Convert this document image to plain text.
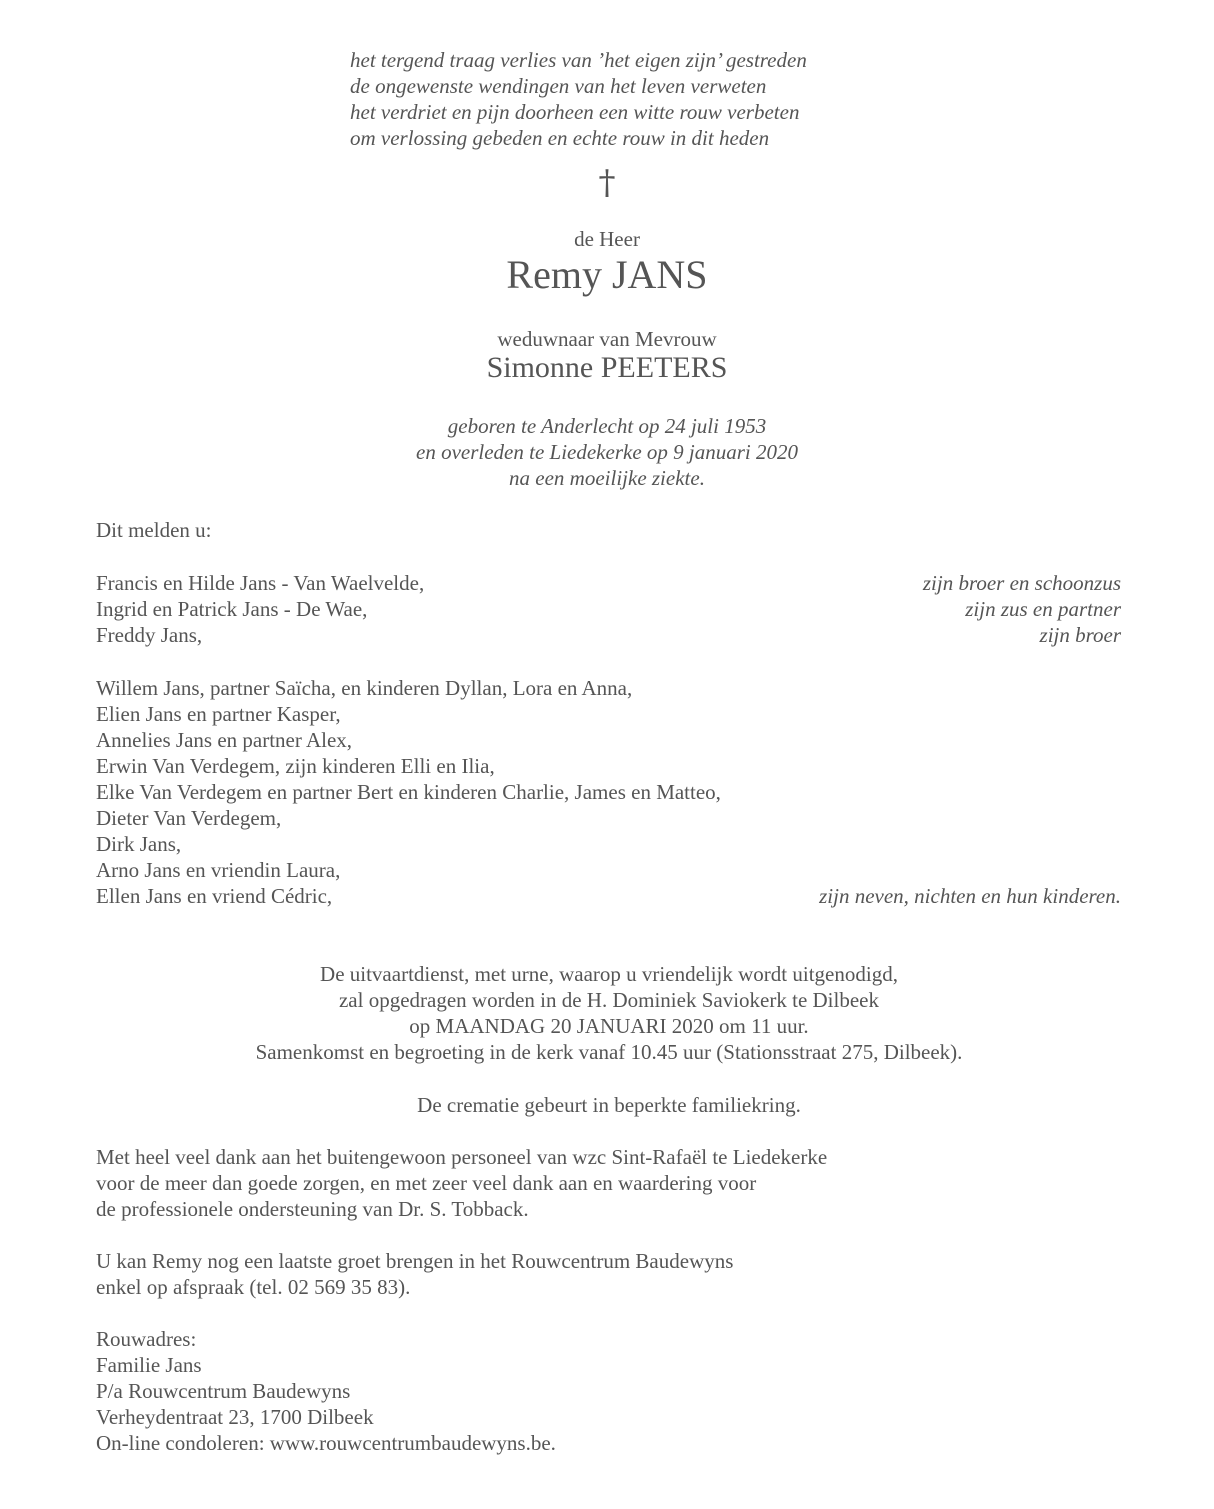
het tergend traag verlies van ’het eigen zijn’ gestreden
de ongewenste wendingen van het leven verweten
het verdriet en pijn doorheen een witte rouw verbeten
om verlossing gebeden en echte rouw in dit heden
†
de Heer
Remy JANS
weduwnaar van Mevrouw
Simonne PEETERS
geboren te Anderlecht op 24 juli 1953
en overleden te Liedekerke op 9 januari 2020
na een moeilijke ziekte.
Dit melden u:
Francis en Hilde Jans - Van Waelvelde,	zijn broer en schoonzus
Ingrid en Patrick Jans - De Wae,	zijn zus en partner
Freddy Jans,	zijn broer
Willem Jans, partner Saïcha, en kinderen Dyllan, Lora en Anna,
Elien Jans en partner Kasper,
Annelies Jans en partner Alex,
Erwin Van Verdegem, zijn kinderen Elli en Ilia,
Elke Van Verdegem en partner Bert en kinderen Charlie, James en Matteo,
Dieter Van Verdegem,
Dirk Jans,
Arno Jans en vriendin Laura,
Ellen Jans en vriend Cédric,	zijn neven, nichten en hun kinderen.
De uitvaartdienst, met urne, waarop u vriendelijk wordt uitgenodigd,
zal opgedragen worden in de H. Dominiek Saviokerk te Dilbeek
op MAANDAG 20 JANUARI 2020 om 11 uur.
Samenkomst en begroeting in de kerk vanaf 10.45 uur (Stationsstraat 275, Dilbeek).
De crematie gebeurt in beperkte familiekring.
Met heel veel dank aan het buitengewoon personeel van wzc Sint-Rafaël te Liedekerke
voor de meer dan goede zorgen, en met zeer veel dank aan en waardering voor
de professionele ondersteuning van Dr. S. Tobback.
U kan Remy nog een laatste groet brengen in het Rouwcentrum Baudewyns
enkel op afspraak (tel. 02 569 35 83).
Rouwadres:
Familie Jans
P/a Rouwcentrum Baudewyns
Verheydentraat 23, 1700 Dilbeek
On-line condoleren: www.rouwcentrumbaudewyns.be.
